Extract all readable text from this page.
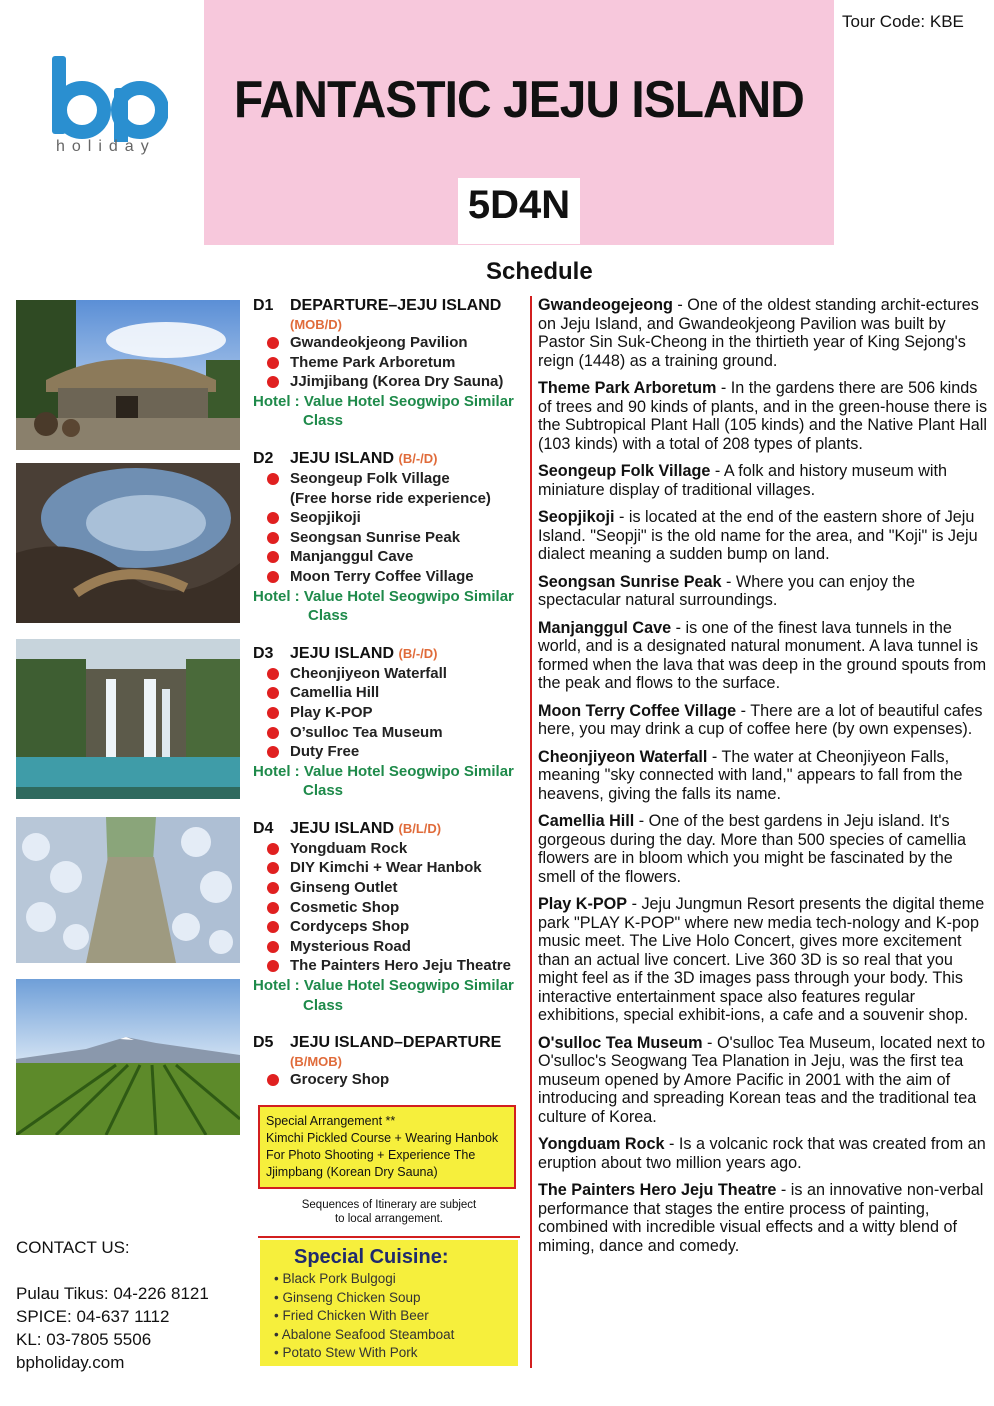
Tour Code: KBE
holiday
FANTASTIC JEJU ISLAND
5D4N
Schedule
D1 DEPARTURE–JEJU ISLAND
(MOB/D)
Gwandeokjeong Pavilion
Theme Park Arboretum
JJimjibang (Korea Dry Sauna)
Hotel : Value Hotel Seogwipo Similar
Class
D2 JEJU ISLAND (B/-/D)
Seongeup Folk Village
(Free horse ride experience)
Seopjikoji
Seongsan Sunrise Peak
Manjanggul Cave
Moon Terry Coffee Village
Hotel : Value Hotel Seogwipo Similar
Class
D3 JEJU ISLAND (B/-/D)
Cheonjiyeon Waterfall
Camellia Hill
Play K-POP
O’sulloc Tea Museum
Duty Free
Hotel : Value Hotel Seogwipo Similar
Class
D4 JEJU ISLAND (B/L/D)
Yongduam Rock
DIY Kimchi + Wear Hanbok
Ginseng Outlet
Cosmetic Shop
Cordyceps Shop
Mysterious Road
The Painters Hero Jeju Theatre
Hotel : Value Hotel Seogwipo Similar
Class
D5 JEJU ISLAND–DEPARTURE
(B/MOB)
Grocery Shop
Special Arrangement **
Kimchi Pickled Course + Wearing Hanbok
For Photo Shooting + Experience The
Jjimpbang (Korean Dry Sauna)
Sequences of Itinerary are subject
to local arrangement.
Special Cuisine:
• Black Pork Bulgogi
• Ginseng Chicken Soup
• Fried Chicken With Beer
• Abalone Seafood Steamboat
• Potato Stew With Pork

Gwandeogejeong - One of the oldest standing archit-ectures on Jeju Island, and Gwandeokjeong Pavilion was built by Pastor Sin Suk-Cheong in the thirtieth year of King Sejong's reign (1448) as a training ground.

Theme Park Arboretum - In the gardens there are 506 kinds of trees and 90 kinds of plants, and in the green-house there is the Subtropical Plant Hall (105 kinds) and the Native Plant Hall (103 kinds) with a total of 208 types of plants.

Seongeup Folk Village - A folk and history museum with miniature display of traditional villages.

Seopjikoji - is located at the end of the eastern shore of Jeju Island. "Seopji" is the old name for the area, and "Koji" is Jeju dialect meaning a sudden bump on land.

Seongsan Sunrise Peak - Where you can enjoy the spectacular natural surroundings.

Manjanggul Cave - is one of the finest lava tunnels in the world, and is a designated natural monument. A lava tunnel is formed when the lava that was deep in the ground spouts from the peak and flows to the surface.

Moon Terry Coffee Village - There are a lot of beautiful cafes here, you may drink a cup of coffee here (by own expenses).

Cheonjiyeon Waterfall - The water at Cheonjiyeon Falls, meaning "sky connected with land," appears to fall from the heavens, giving the falls its name.

Camellia Hill - One of the best gardens in Jeju island. It's gorgeous during the day. More than 500 species of camellia flowers are in bloom which you might be fascinated by the smell of the flowers.

Play K-POP - Jeju Jungmun Resort presents the digital theme park "PLAY K-POP" where new media tech-nology and K-pop music meet. The Live Holo Concert, gives more excitement than an actual live concert. Live 360 3D is so real that you might feel as if the 3D images pass through your body. This interactive entertainment space also features regular exhibitions, special exhibit-ions, a cafe and a souvenir shop.

O'sulloc Tea Museum - O'sulloc Tea Museum, located next to O'sulloc's Seogwang Tea Planation in Jeju, was the first tea museum opened by Amore Pacific in 2001 with the aim of introducing and spreading Korean teas and the traditional tea culture of Korea.

Yongduam Rock - Is a volcanic rock that was created from an eruption about two million years ago.

The Painters Hero Jeju Theatre - is an innovative non-verbal performance that stages the entire process of painting, combined with incredible visual effects and a witty blend of miming, dance and comedy.

CONTACT US:
Pulau Tikus: 04-226 8121
SPICE: 04-637 1112
KL: 03-7805 5506
bpholiday.com
